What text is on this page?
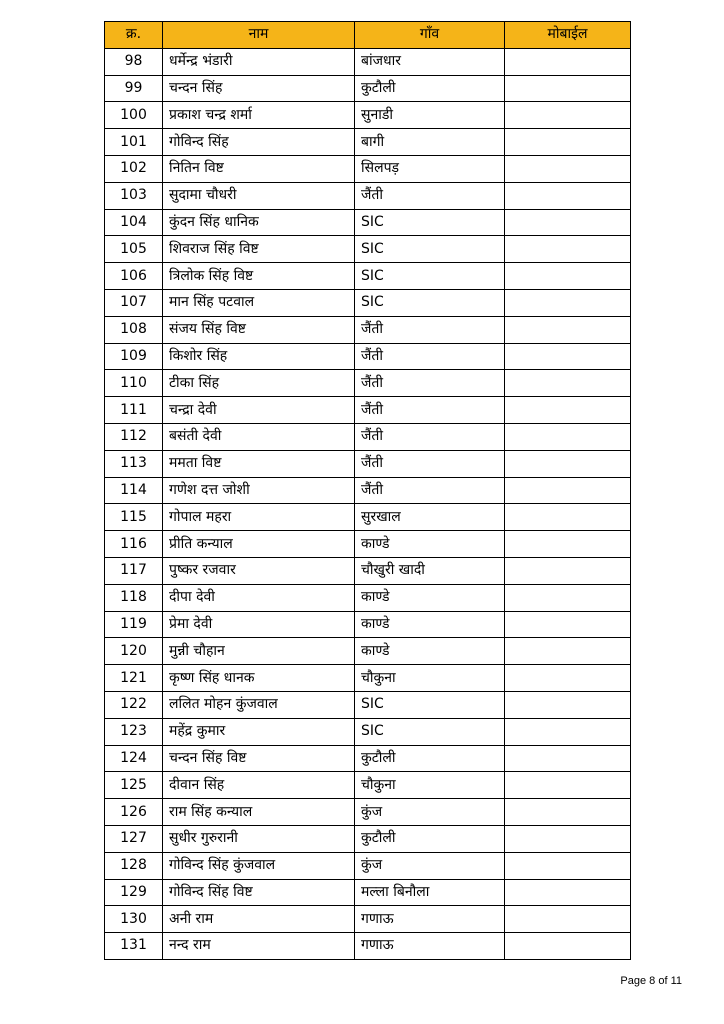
क्र.	नाम	गाँव	मोबाईल
98	धर्मेन्द्र भंडारी	बांजधार	
99	चन्दन सिंह	कुटौली	
100	प्रकाश चन्द्र शर्मा	सुनाडी	
101	गोविन्द सिंह	बागी	
102	नितिन विष्ट	सिलपड़	
103	सुदामा चौधरी	जैंती	
104	कुंदन सिंह धानिक	SIC	
105	शिवराज सिंह विष्ट	SIC	
106	त्रिलोक सिंह विष्ट	SIC	
107	मान सिंह पटवाल	SIC	
108	संजय सिंह विष्ट	जैंती	
109	किशोर सिंह	जैंती	
110	टीका सिंह	जैंती	
111	चन्द्रा देवी	जैंती	
112	बसंती देवी	जैंती	
113	ममता विष्ट	जैंती	
114	गणेश दत्त जोशी	जैंती	
115	गोपाल महरा	सुरखाल	
116	प्रीति कन्याल	काण्डे	
117	पुष्कर रजवार	चौखुरी खादी	
118	दीपा देवी	काण्डे	
119	प्रेमा देवी	काण्डे	
120	मुन्नी चौहान	काण्डे	
121	कृष्ण सिंह धानक	चौकुना	
122	ललित मोहन कुंजवाल	SIC	
123	महेंद्र कुमार	SIC	
124	चन्दन सिंह विष्ट	कुटौली	
125	दीवान सिंह	चौकुना	
126	राम सिंह कन्याल	कुंज	
127	सुधीर गुरुरानी	कुटौली	
128	गोविन्द सिंह कुंजवाल	कुंज	
129	गोविन्द सिंह विष्ट	मल्ला बिनौला	
130	अनी राम	गणाऊ	
131	नन्द राम	गणाऊ	
Page 8 of 11
